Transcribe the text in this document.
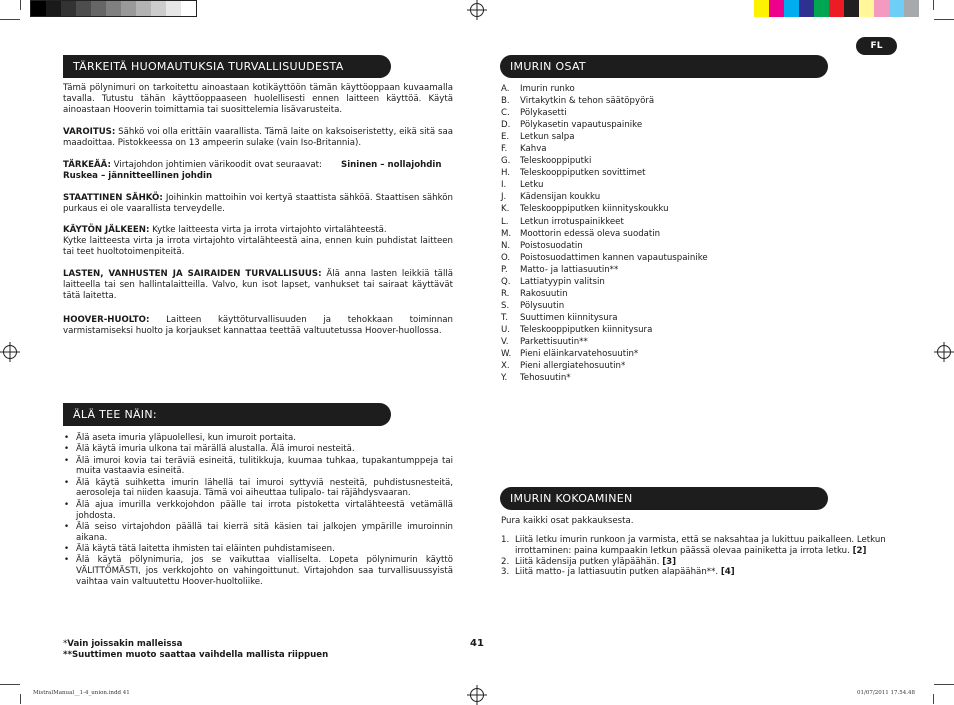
FL
TÄRKEITÄ HUOMAUTUKSIA TURVALLISUUDESTA
Tämä pölynimuri on tarkoitettu ainoastaan kotikäyttöön tämän käyttöoppaan kuvaamalla tavalla. Tutustu tähän käyttöoppaaseen huolellisesti ennen laitteen käyttöä. Käytä ainoastaan Hooverin toimittamia tai suosittelemia lisävarusteita.
VAROITUS: Sähkö voi olla erittäin vaarallista. Tämä laite on kaksoiseristetty, eikä sitä saa maadoittaa. Pistokkeessa on 13 ampeerin sulake (vain Iso-Britannia).
TÄRKEÄÄ: Virtajohdon johtimien värikoodit ovat seuraavat:	Sininen – nollajohdin
Ruskea – jännitteellinen johdin
STAATTINEN SÄHKÖ: Joihinkin mattoihin voi kertyä staattista sähköä. Staattisen sähkön purkaus ei ole vaarallista terveydelle.
KÄYTÖN JÄLKEEN: Kytke laitteesta virta ja irrota virtajohto virtalähteestä.
Kytke laitteesta virta ja irrota virtajohto virtalähteestä aina, ennen kuin puhdistat laitteen tai teet huoltotoimenpiteitä.
LASTEN, VANHUSTEN JA SAIRAIDEN TURVALLISUUS: Älä anna lasten leikkiä tällä laitteella tai sen hallintalaitteilla. Valvo, kun isot lapset, vanhukset tai sairaat käyttävät tätä laitetta.
HOOVER-HUOLTO: Laitteen käyttöturvallisuuden ja tehokkaan toiminnan varmistamiseksi huolto ja korjaukset kannattaa teettää valtuutetussa Hoover-huollossa.
ÄLÄ TEE NÄIN:
• Älä aseta imuria yläpuolellesi, kun imuroit portaita.
• Älä käytä imuria ulkona tai märällä alustalla. Älä imuroi nesteitä.
• Älä imuroi kovia tai teräviä esineitä, tulitikkuja, kuumaa tuhkaa, tupakantumppeja tai muita vastaavia esineitä.
• Älä käytä suihketta imurin lähellä tai imuroi syttyviä nesteitä, puhdistusnesteitä, aerosoleja tai niiden kaasuja. Tämä voi aiheuttaa tulipalo- tai räjähdysvaaran.
• Älä ajua imurilla verkkojohdon päälle tai irrota pistoketta virtalähteestä vetämällä johdosta.
• Älä seiso virtajohdon päällä tai kierrä sitä käsien tai jalkojen ympärille imuroinnin aikana.
• Älä käytä tätä laitetta ihmisten tai eläinten puhdistamiseen.
• Älä käytä pölynimuria, jos se vaikuttaa vialliselta. Lopeta pölynimurin käyttö VÄLITTÖMÄSTI, jos verkkojohto on vahingoittunut. Virtajohdon saa turvallisuussyistä vaihtaa vain valtuutettu Hoover-huoltoliike.
*Vain joissakin malleissa
**Suuttimen muoto saattaa vaihdella mallista riippuen
41
IMURIN OSAT
A.	Imurin runko
B.	Virtakytkin & tehon säätöpyörä
C.	Pölykasetti
D.	Pölykasetin vapautuspainike
E.	Letkun salpa
F.	Kahva
G.	Teleskooppiputki
H.	Teleskooppiputken sovittimet
I.	Letku
J.	Kädensijan koukku
K.	Teleskooppiputken kiinnityskoukku
L.	Letkun irrotuspainikkeet
M.	Moottorin edessä oleva suodatin
N.	Poistosuodatin
O.	Poistosuodattimen kannen vapautuspainike
P.	Matto- ja lattiasuutin**
Q.	Lattiatyypin valitsin
R.	Rakosuutin
S.	Pölysuutin
T.	Suuttimen kiinnitysura
U.	Teleskooppiputken kiinnitysura
V.	Parkettisuutin**
W.	Pieni eläinkarvatehosuutin*
X.	Pieni allergiatehosuutin*
Y.	Tehosuutin*
IMURIN KOKOAMINEN
Pura kaikki osat pakkauksesta.
1. Liitä letku imurin runkoon ja varmista, että se naksahtaa ja lukittuu paikalleen. Letkun irrottaminen: paina kumpaakin letkun päässä olevaa painiketta ja irrota letku. [2]
2. Liitä kädensija putken yläpäähän. [3]
3. Liitä matto- ja lattiasuutin putken alapäähän**. [4]
MistralManual__1-4_union.indd 41	01/07/2011 17.54.48
